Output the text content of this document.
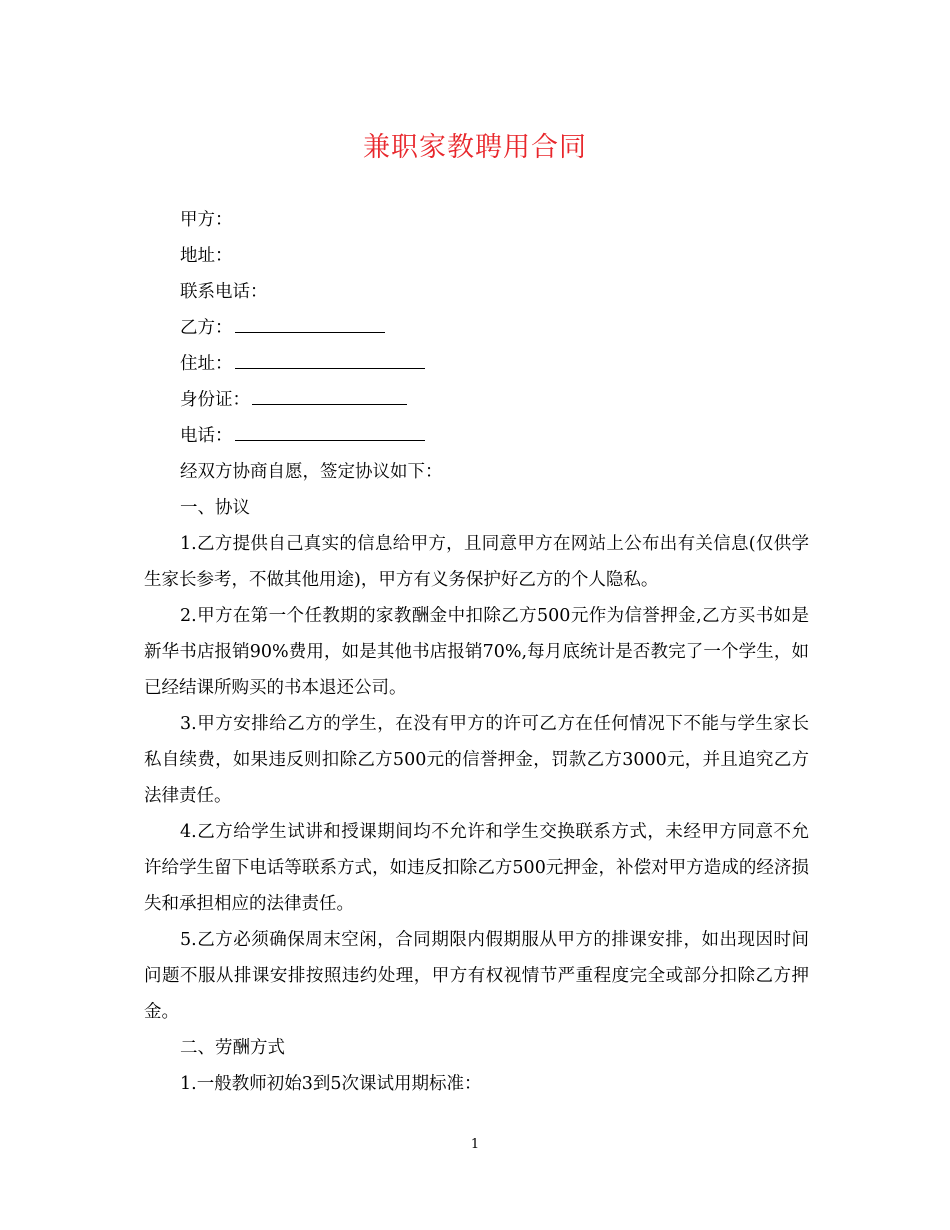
兼职家教聘用合同
甲方：
地址：
联系电话：
乙方：
住址：
身份证：
电话：
经双方协商自愿，签定协议如下：
一、协议

1.乙方提供自己真实的信息给甲方，且同意甲方在网站上公布出有关信息(仅供学生家长参考，不做其他用途)，甲方有义务保护好乙方的个人隐私。

2.甲方在第一个任教期的家教酬金中扣除乙方500元作为信誉押金,乙方买书如是新华书店报销90%费用，如是其他书店报销70%,每月底统计是否教完了一个学生，如已经结课所购买的书本退还公司。

3.甲方安排给乙方的学生，在没有甲方的许可乙方在任何情况下不能与学生家长私自续费，如果违反则扣除乙方500元的信誉押金，罚款乙方3000元，并且追究乙方法律责任。

4.乙方给学生试讲和授课期间均不允许和学生交换联系方式，未经甲方同意不允许给学生留下电话等联系方式，如违反扣除乙方500元押金，补偿对甲方造成的经济损失和承担相应的法律责任。

5.乙方必须确保周末空闲，合同期限内假期服从甲方的排课安排，如出现因时间问题不服从排课安排按照违约处理，甲方有权视情节严重程度完全或部分扣除乙方押金。

二、劳酬方式

1.一般教师初始3到5次课试用期标准：

1
